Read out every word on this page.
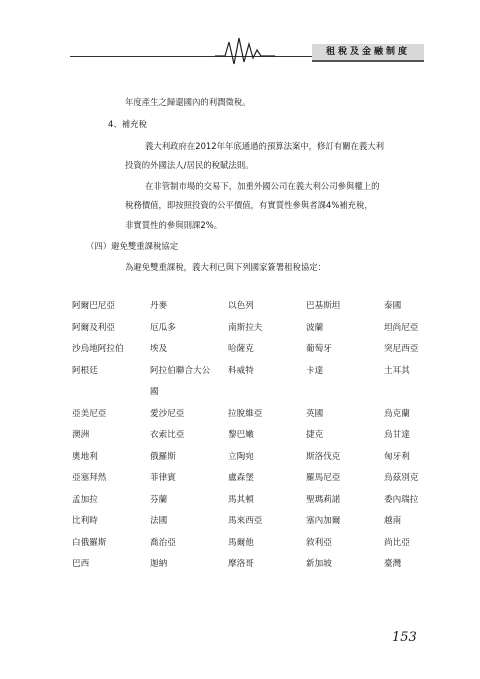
租稅及金融制度
年度產生之歸還國內的利潤徵稅。
4、補充稅
義大利政府在2012年年底通過的預算法案中，修訂有關在義大利
投資的外國法人/居民的稅賦法則。
在非管制市場的交易下，加重外國公司在義大利公司參與權上的
稅務價值，即按照投資的公平價值，有實質性參與者課4%補充稅，
非實質性的參與則課2%。
（四）避免雙重課稅協定
為避免雙重課稅，義大利已與下列國家簽署租稅協定：
阿爾巴尼亞	丹麥	以色列	巴基斯坦	泰國
阿爾及利亞	厄瓜多	南斯拉夫	波蘭	坦尚尼亞
沙烏地阿拉伯	埃及	哈薩克	葡萄牙	突尼西亞
阿根廷	阿拉伯聯合大公	科威特	卡達	土耳其
國
亞美尼亞	愛沙尼亞	拉脫維亞	英國	烏克蘭
澳洲	衣索比亞	黎巴嫩	捷克	烏甘達
奧地利	俄羅斯	立陶宛	斯洛伐克	匈牙利
亞塞拜然	菲律賓	盧森堡	羅馬尼亞	烏茲別克
孟加拉	芬蘭	馬其頓	聖瑪莉諾	委內瑞拉
比利時	法國	馬來西亞	塞內加爾	越南
白俄羅斯	喬治亞	馬爾他	敘利亞	尚比亞
巴西	迦納	摩洛哥	新加坡	臺灣
153
